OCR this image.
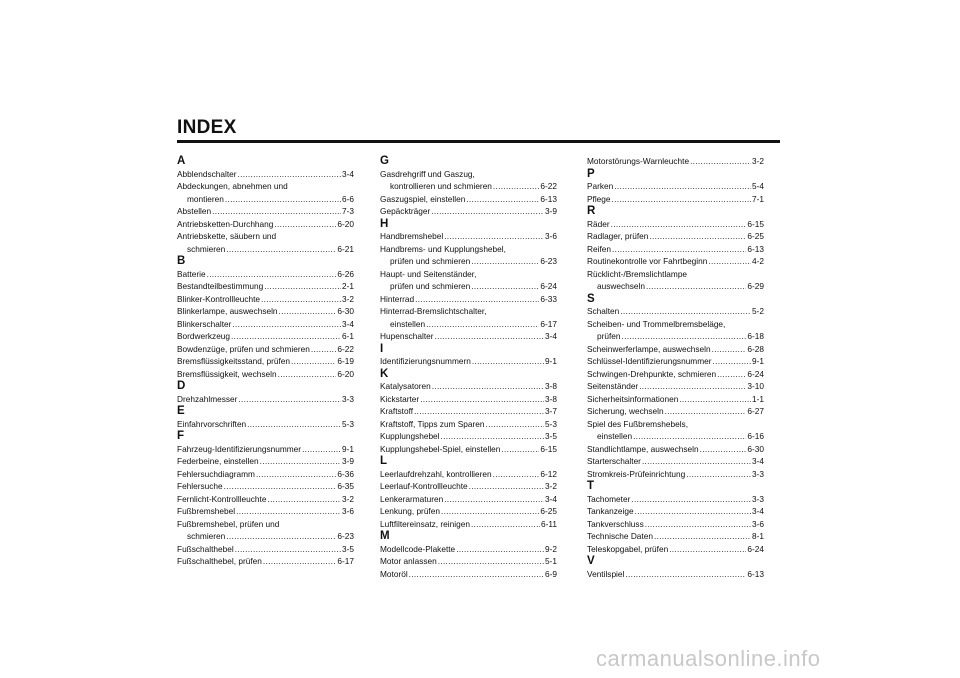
INDEX
A
Abblendschalter .....	3-4
Abdeckungen, abnehmen und
montieren .....	6-6
Abstellen .....	7-3
Antriebsketten-Durchhang .....	6-20
Antriebskette, säubern und
schmieren .....	6-21
B
Batterie .....	6-26
Bestandteilbestimmung .....	2-1
Blinker-Kontrollleuchte .....	3-2
Blinkerlampe, auswechseln .....	6-30
Blinkerschalter .....	3-4
Bordwerkzeug .....	6-1
Bowdenzüge, prüfen und schmieren .....	6-22
Bremsflüssigkeitsstand, prüfen .....	6-19
Bremsflüssigkeit, wechseln .....	6-20
D
Drehzahlmesser .....	3-3
E
Einfahrvorschriften .....	5-3
F
Fahrzeug-Identifizierungsnummer .....	9-1
Federbeine, einstellen .....	3-9
Fehlersuchdiagramm .....	6-36
Fehlersuche .....	6-35
Fernlicht-Kontrollleuchte .....	3-2
Fußbremshebel .....	3-6
Fußbremshebel, prüfen und
schmieren .....	6-23
Fußschalthebel .....	3-5
Fußschalthebel, prüfen .....	6-17
G
Gasdrehgriff und Gaszug,
kontrollieren und schmieren .....	6-22
Gaszugspiel, einstellen .....	6-13
Gepäckträger .....	3-9
H
Handbremshebel .....	3-6
Handbrems- und Kupplungshebel,
prüfen und schmieren .....	6-23
Haupt- und Seitenständer,
prüfen und schmieren .....	6-24
Hinterrad .....	6-33
Hinterrad-Bremslichtschalter,
einstellen .....	6-17
Hupenschalter .....	3-4
I
Identifizierungsnummern .....	9-1
K
Katalysatoren .....	3-8
Kickstarter .....	3-8
Kraftstoff .....	3-7
Kraftstoff, Tipps zum Sparen .....	5-3
Kupplungshebel .....	3-5
Kupplungshebel-Spiel, einstellen .....	6-15
L
Leerlaufdrehzahl, kontrollieren .....	6-12
Leerlauf-Kontrollleuchte .....	3-2
Lenkerarmaturen .....	3-4
Lenkung, prüfen .....	6-25
Luftfiltereinsatz, reinigen .....	6-11
M
Modellcode-Plakette .....	9-2
Motor anlassen .....	5-1
Motoröl .....	6-9
Motorstörungs-Warnleuchte .....	3-2
P
Parken .....	5-4
Pflege .....	7-1
R
Räder .....	6-15
Radlager, prüfen .....	6-25
Reifen .....	6-13
Routinekontrolle vor Fahrtbeginn .....	4-2
Rücklicht-/Bremslichtlampe
auswechseln .....	6-29
S
Schalten .....	5-2
Scheiben- und Trommelbremsbeläge,
prüfen .....	6-18
Scheinwerferlampe, auswechseln .....	6-28
Schlüssel-Identifizierungsnummer .....	9-1
Schwingen-Drehpunkte, schmieren .....	6-24
Seitenständer .....	3-10
Sicherheitsinformationen .....	1-1
Sicherung, wechseln .....	6-27
Spiel des Fußbremshebels,
einstellen .....	6-16
Standlichtlampe, auswechseln .....	6-30
Starterschalter .....	3-4
Stromkreis-Prüfeinrichtung .....	3-3
T
Tachometer .....	3-3
Tankanzeige .....	3-4
Tankverschluss .....	3-6
Technische Daten .....	8-1
Teleskopgabel, prüfen .....	6-24
V
Ventilspiel .....	6-13
carmanualsonline.info
